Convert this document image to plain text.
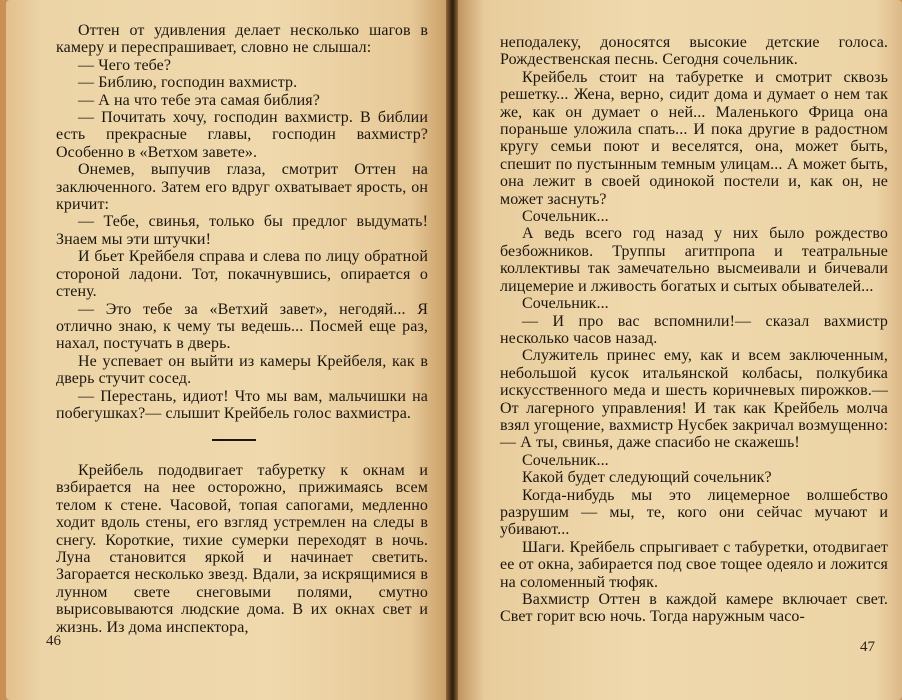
Оттен от удивления делает несколько шагов в камеру и переспрашивает, словно не слышал:

— Чего тебе?

— Библию, господин вахмистр.

— А на что тебе эта самая библия?

— Почитать хочу, господин вахмистр. В библии есть прекрасные главы, господин вахмистр? Особенно в «Ветхом завете».

Онемев, выпучив глаза, смотрит Оттен на заключенного. Затем его вдруг охватывает ярость, он кричит:

— Тебе, свинья, только бы предлог выдумать! Знаем мы эти штучки!

И бьет Крейбеля справа и слева по лицу обратной стороной ладони. Тот, покачнувшись, опирается о стену.

— Это тебе за «Ветхий завет», негодяй... Я отлично знаю, к чему ты ведешь... Посмей еще раз, нахал, постучать в дверь.

Не успевает он выйти из камеры Крейбеля, как в дверь стучит сосед.

— Перестань, идиот! Что мы вам, мальчишки на побегушках?— слышит Крейбель голос вахмистра.

Крейбель пододвигает табуретку к окнам и взбирается на нее осторожно, прижимаясь всем телом к стене. Часовой, топая сапогами, медленно ходит вдоль стены, его взгляд устремлен на следы в снегу. Короткие, тихие сумерки переходят в ночь. Луна становится яркой и начинает светить. Загорается несколько звезд. Вдали, за искрящимися в лунном свете снеговыми полями, смутно вырисовываются людские дома. В их окнах свет и жизнь. Из дома инспектора,

46

неподалеку, доносятся высокие детские голоса. Рождественская песнь. Сегодня сочельник.

Крейбель стоит на табуретке и смотрит сквозь решетку... Жена, верно, сидит дома и думает о нем так же, как он думает о ней... Маленького Фрица она пораньше уложила спать... И пока другие в радостном кругу семьи поют и веселятся, она, может быть, спешит по пустынным темным улицам... А может быть, она лежит в своей одинокой постели и, как он, не может заснуть?

Сочельник...

А ведь всего год назад у них было рождество безбожников. Труппы агитпропа и театральные коллективы так замечательно высмеивали и бичевали лицемерие и лживость богатых и сытых обывателей...

Сочельник...

— И про вас вспомнили!— сказал вахмистр несколько часов назад.

Служитель принес ему, как и всем заключенным, небольшой кусок итальянской колбасы, полкубика искусственного меда и шесть коричневых пирожков.— От лагерного управления! И так как Крейбель молча взял угощение, вахмистр Нусбек закричал возмущенно:— А ты, свинья, даже спасибо не скажешь!

Сочельник...

Какой будет следующий сочельник?

Когда-нибудь мы это лицемерное волшебство разрушим — мы, те, кого они сейчас мучают и убивают...

Шаги. Крейбель спрыгивает с табуретки, отодвигает ее от окна, забирается под свое тощее одеяло и ложится на соломенный тюфяк.

Вахмистр Оттен в каждой камере включает свет. Свет горит всю ночь. Тогда наружным часо-

47
